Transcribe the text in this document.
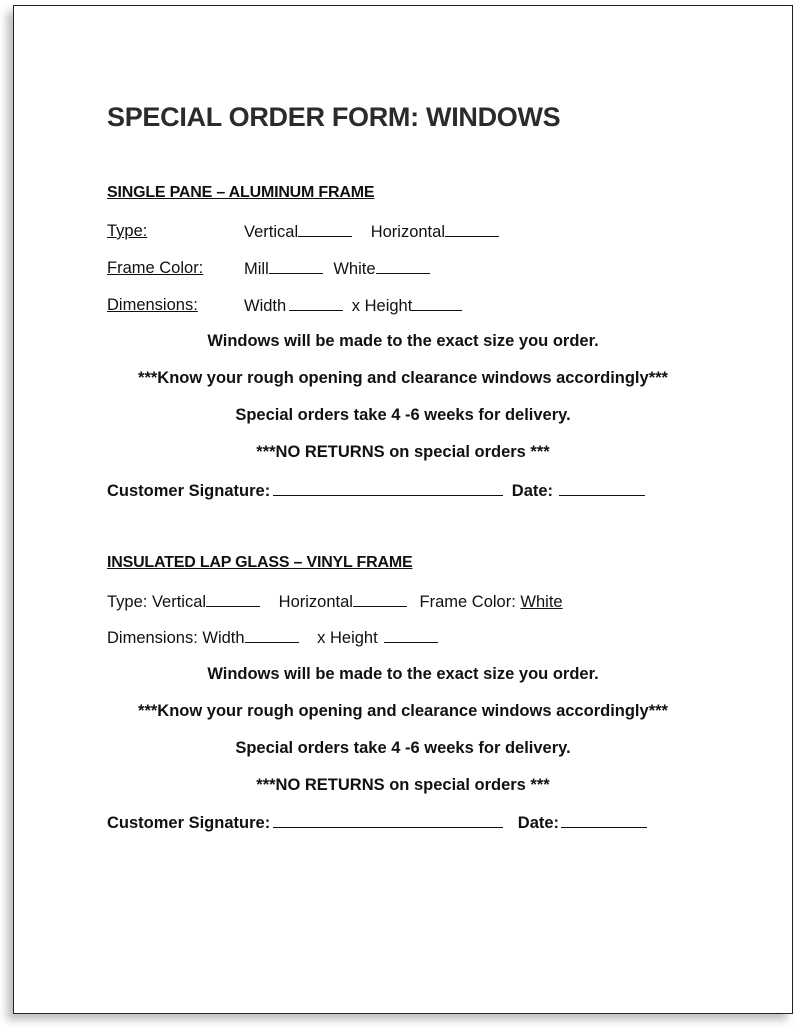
SPECIAL ORDER FORM: WINDOWS
SINGLE PANE – ALUMINUM FRAME
Type:	Vertical	Horizontal
Frame Color: Mill	White
Dimensions:	Width	x Height
Windows will be made to the exact size you order.
***Know your rough opening and clearance windows accordingly***
Special orders take 4 -6 weeks for delivery.
***NO RETURNS on special orders ***
Customer Signature:	Date:
INSULATED LAP GLASS – VINYL FRAME
Type: Vertical	Horizontal	Frame Color: White
Dimensions: Width	x Height
Windows will be made to the exact size you order.
***Know your rough opening and clearance windows accordingly***
Special orders take 4 -6 weeks for delivery.
***NO RETURNS on special orders ***
Customer Signature:	Date:
